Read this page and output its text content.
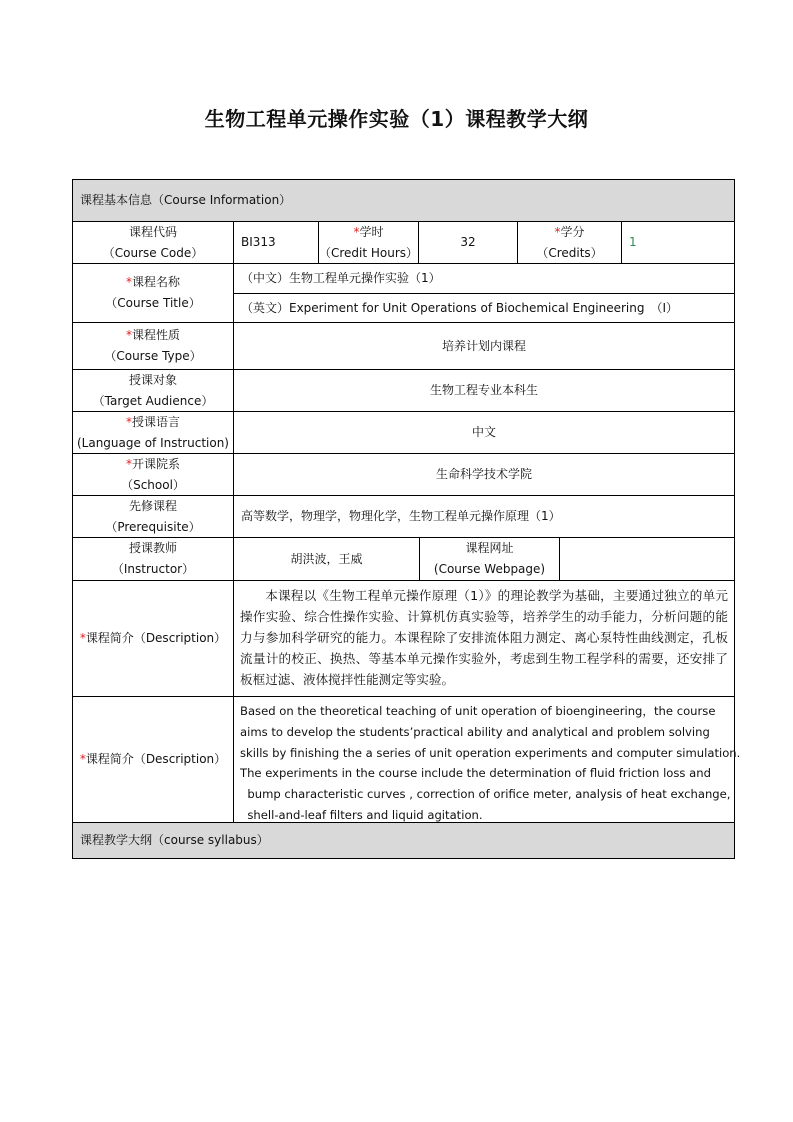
生物工程单元操作实验（1）课程教学大纲
课程基本信息（Course Information）
课程代码
（Course Code）
BI313
*学时
（Credit Hours）
32
*学分
（Credits）
1
*课程名称
（Course Title）
（中文）生物工程单元操作实验（1）
（英文）Experiment for Unit Operations of Biochemical Engineering　（I）
*课程性质
（Course Type）
培养计划内课程
授课对象
（Target Audience）
生物工程专业本科生
*授课语言
(Language of Instruction)
中文
*开课院系
（School）
生命科学技术学院
先修课程
（Prerequisite）
高等数学，物理学，物理化学，生物工程单元操作原理（1）
授课教师
（Instructor）
胡洪波，王威
课程网址
(Course Webpage)
*课程简介（Description）
本课程以《生物工程单元操作原理（1）》的理论教学为基础，主要通过独立的单元操作实验、综合性操作实验、计算机仿真实验等，培养学生的动手能力，分析问题的能力与参加科学研究的能力。本课程除了安排流体阻力测定、离心泵特性曲线测定，孔板流量计的校正、换热、等基本单元操作实验外，考虑到生物工程学科的需要，还安排了板框过滤、液体搅拌性能测定等实验。
*课程简介（Description）
Based on the theoretical teaching of unit operation of bioengineering，the course
aims to develop the students’practical ability and analytical and problem solving
skills by finishing the a series of unit operation experiments and computer simulation.
The experiments in the course include the determination of fluid friction loss and
bump characteristic curves , correction of orifice meter, analysis of heat exchange,
shell-and-leaf filters and liquid agitation.
课程教学大纲（course syllabus）
